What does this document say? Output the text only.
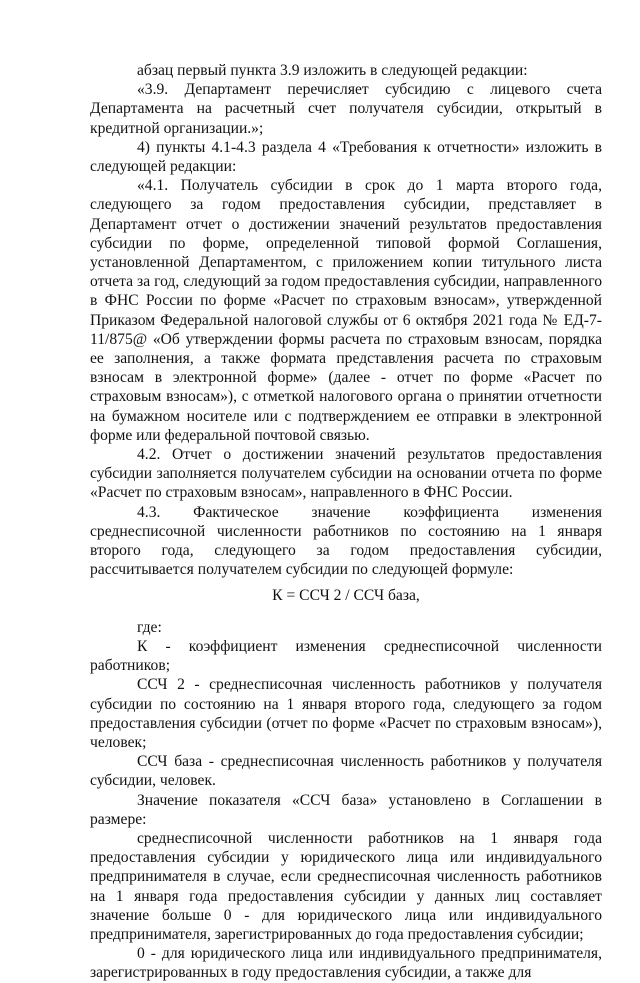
абзац первый пункта 3.9 изложить в следующей редакции:

«3.9. Департамент перечисляет субсидию с лицевого счета Департамента на расчетный счет получателя субсидии, открытый в кредитной организации.»;

4) пункты 4.1-4.3 раздела 4 «Требования к отчетности» изложить в следующей редакции:

«4.1. Получатель субсидии в срок до 1 марта второго года, следующего за годом предоставления субсидии, представляет в Департамент отчет о достижении значений результатов предоставления субсидии по форме, определенной типовой формой Соглашения, установленной Департаментом, с приложением копии титульного листа отчета за год, следующий за годом предоставления субсидии, направленного в ФНС России по форме «Расчет по страховым взносам», утвержденной Приказом Федеральной налоговой службы от 6 октября 2021 года № ЕД-7-11/875@ «Об утверждении формы расчета по страховым взносам, порядка ее заполнения, а также формата представления расчета по страховым взносам в электронной форме» (далее - отчет по форме «Расчет по страховым взносам»), с отметкой налогового органа о принятии отчетности на бумажном носителе или с подтверждением ее отправки в электронной форме или федеральной почтовой связью.

4.2. Отчет о достижении значений результатов предоставления субсидии заполняется получателем субсидии на основании отчета по форме «Расчет по страховым взносам», направленного в ФНС России.

4.3. Фактическое значение коэффициента изменения среднесписочной численности работников по состоянию на 1 января второго года, следующего за годом предоставления субсидии, рассчитывается получателем субсидии по следующей формуле:

К = ССЧ 2 / ССЧ база,

где:

К - коэффициент изменения среднесписочной численности работников;

ССЧ 2 - среднесписочная численность работников у получателя субсидии по состоянию на 1 января второго года, следующего за годом предоставления субсидии (отчет по форме «Расчет по страховым взносам»), человек;

ССЧ база - среднесписочная численность работников у получателя субсидии, человек.

Значение показателя «ССЧ база» установлено в Соглашении в размере:

среднесписочной численности работников на 1 января года предоставления субсидии у юридического лица или индивидуального предпринимателя в случае, если среднесписочная численность работников на 1 января года предоставления субсидии у данных лиц составляет значение больше 0 - для юридического лица или индивидуального предпринимателя, зарегистрированных до года предоставления субсидии;

0 - для юридического лица или индивидуального предпринимателя, зарегистрированных в году предоставления субсидии, а также для
